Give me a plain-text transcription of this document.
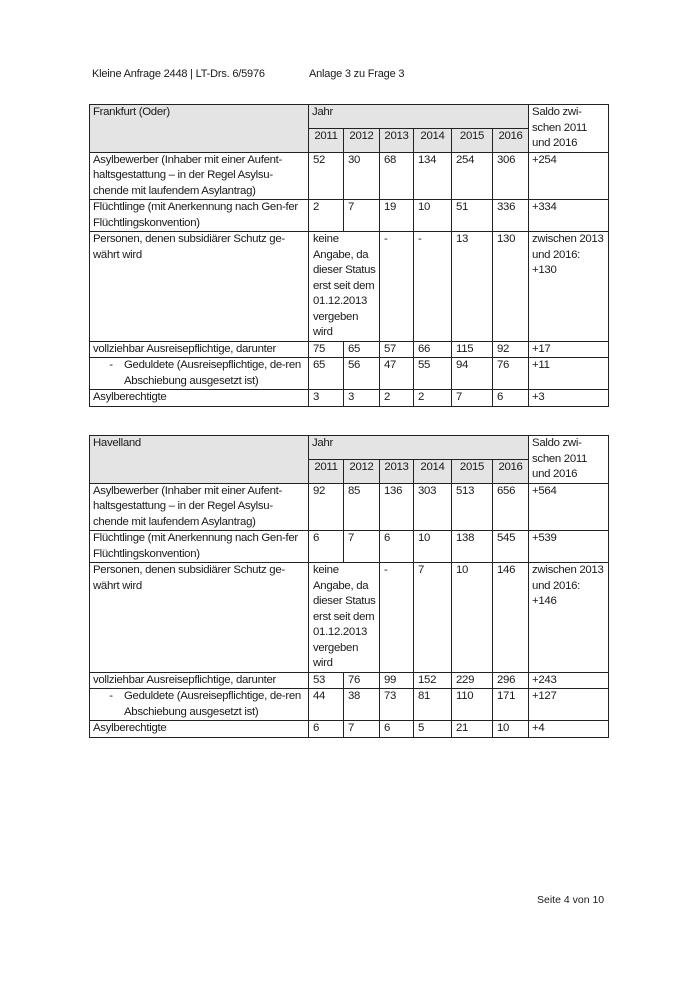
Kleine Anfrage 2448 | LT-Drs. 6/5976	Anlage 3 zu Frage 3
Frankfurt (Oder)	Jahr						Saldo zwi-schen 2011 und 2016
	2011	2012	2013	2014	2015	2016	
Asylbewerber (Inhaber mit einer Aufent-haltsgestattung – in der Regel Asylsu-chende mit laufendem Asylantrag)	52	30	68	134	254	306	+254
Flüchtlinge (mit Anerkennung nach Gen-fer Flüchtlingskonvention)	2	7	19	10	51	336	+334
Personen, denen subsidiärer Schutz ge-währt wird	keine Angabe, da dieser Status erst seit dem 01.12.2013 vergeben wird		-	-	13	130	zwischen 2013 und 2016: +130
vollziehbar Ausreisepflichtige, darunter	75	65	57	66	115	92	+17

- Geduldete (Ausreisepflichtige, de-ren Abschiebung ausgesetzt ist)	65	56	47	55	94	76	+11
Asylberechtigte	3	3	2	2	7	6	+3
Havelland	Jahr						Saldo zwi-schen 2011 und 2016
	2011	2012	2013	2014	2015	2016	
Asylbewerber (Inhaber mit einer Aufent-haltsgestattung – in der Regel Asylsu-chende mit laufendem Asylantrag)	92	85	136	303	513	656	+564
Flüchtlinge (mit Anerkennung nach Gen-fer Flüchtlingskonvention)	6	7	6	10	138	545	+539
Personen, denen subsidiärer Schutz ge-währt wird	keine Angabe, da dieser Status erst seit dem 01.12.2013 vergeben wird		-	7	10	146	zwischen 2013 und 2016: +146
vollziehbar Ausreisepflichtige, darunter	53	76	99	152	229	296	+243

- Geduldete (Ausreisepflichtige, de-ren Abschiebung ausgesetzt ist)	44	38	73	81	110	171	+127
Asylberechtigte	6	7	6	5	21	10	+4
Seite 4 von 10
